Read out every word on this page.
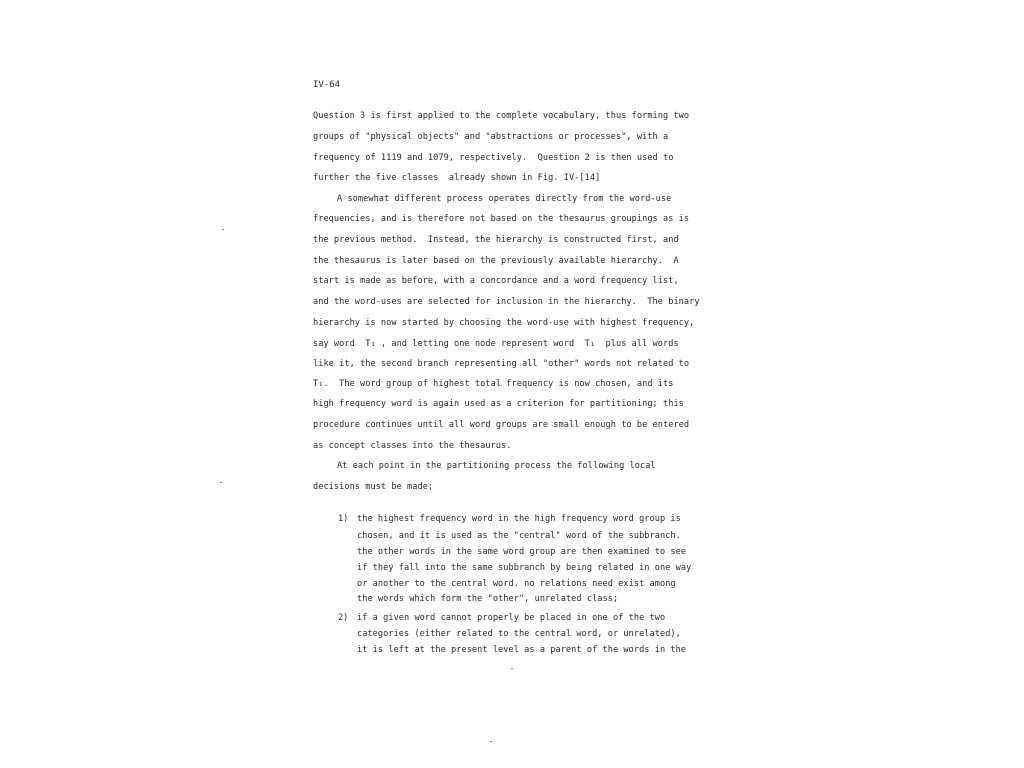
IV-64
Question 3 is first applied to the complete vocabulary, thus forming two
groups of "physical objects" and "abstractions or processes", with a
frequency of 1119 and 1079, respectively.  Question 2 is then used to
further the five classes  already shown in Fig. IV-[14]
A somewhat different process operates directly from the word-use
frequencies, and is therefore not based on the thesaurus groupings as is
the previous method.  Instead, the hierarchy is constructed first, and
the thesaurus is later based on the previously available hierarchy.  A
start is made as before, with a concordance and a word frequency list,
and the word-uses are selected for inclusion in the hierarchy.  The binary
hierarchy is now started by choosing the word-use with highest frequency,
say word  T₁ , and letting one node represent word  T₁  plus all words
like it, the second branch representing all "other" words not related to
T₁.  The word group of highest total frequency is now chosen, and its
high frequency word is again used as a criterion for partitioning; this
procedure continues until all word groups are small enough to be entered
as concept classes into the thesaurus.
At each point in the partitioning process the following local
decisions must be made;
1) the highest frequency word in the high frequency word group is
chosen, and it is used as the "central" word of the subbranch.
the other words in the same word group are then examined to see
if they fall into the same subbranch by being related in one way
or another to the central word. no relations need exist among
the words which form the "other", unrelated class;
2) if a given word cannot properly be placed in one of the two
categories (either related to the central word, or unrelated),
it is left at the present level as a parent of the words in the
